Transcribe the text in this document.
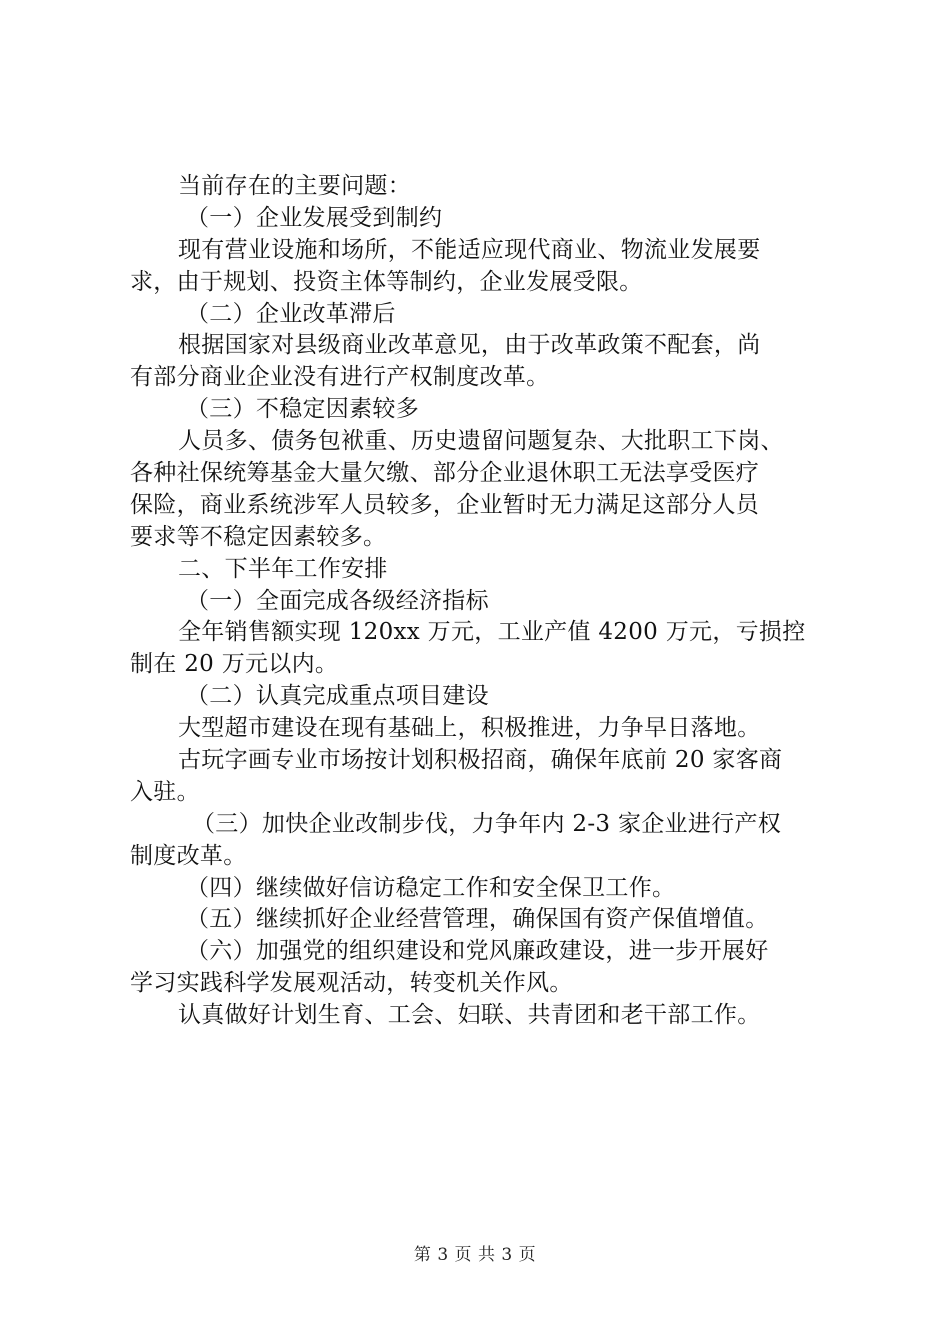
当前存在的主要问题：
（一）企业发展受到制约
现有营业设施和场所，不能适应现代商业、物流业发展要
求，由于规划、投资主体等制约，企业发展受限。
（二）企业改革滞后
根据国家对县级商业改革意见，由于改革政策不配套，尚
有部分商业企业没有进行产权制度改革。
（三）不稳定因素较多
人员多、债务包袱重、历史遗留问题复杂、大批职工下岗、
各种社保统筹基金大量欠缴、部分企业退休职工无法享受医疗
保险，商业系统涉军人员较多，企业暂时无力满足这部分人员
要求等不稳定因素较多。
二、下半年工作安排
（一）全面完成各级经济指标
全年销售额实现 120xx 万元，工业产值 4200 万元，亏损控
制在 20 万元以内。
（二）认真完成重点项目建设
大型超市建设在现有基础上，积极推进，力争早日落地。
古玩字画专业市场按计划积极招商，确保年底前 20 家客商
入驻。
（三）加快企业改制步伐，力争年内 2-3 家企业进行产权
制度改革。
（四）继续做好信访稳定工作和安全保卫工作。
（五）继续抓好企业经营管理，确保国有资产保值增值。
（六）加强党的组织建设和党风廉政建设，进一步开展好
学习实践科学发展观活动，转变机关作风。
认真做好计划生育、工会、妇联、共青团和老干部工作。
第 3 页 共 3 页
